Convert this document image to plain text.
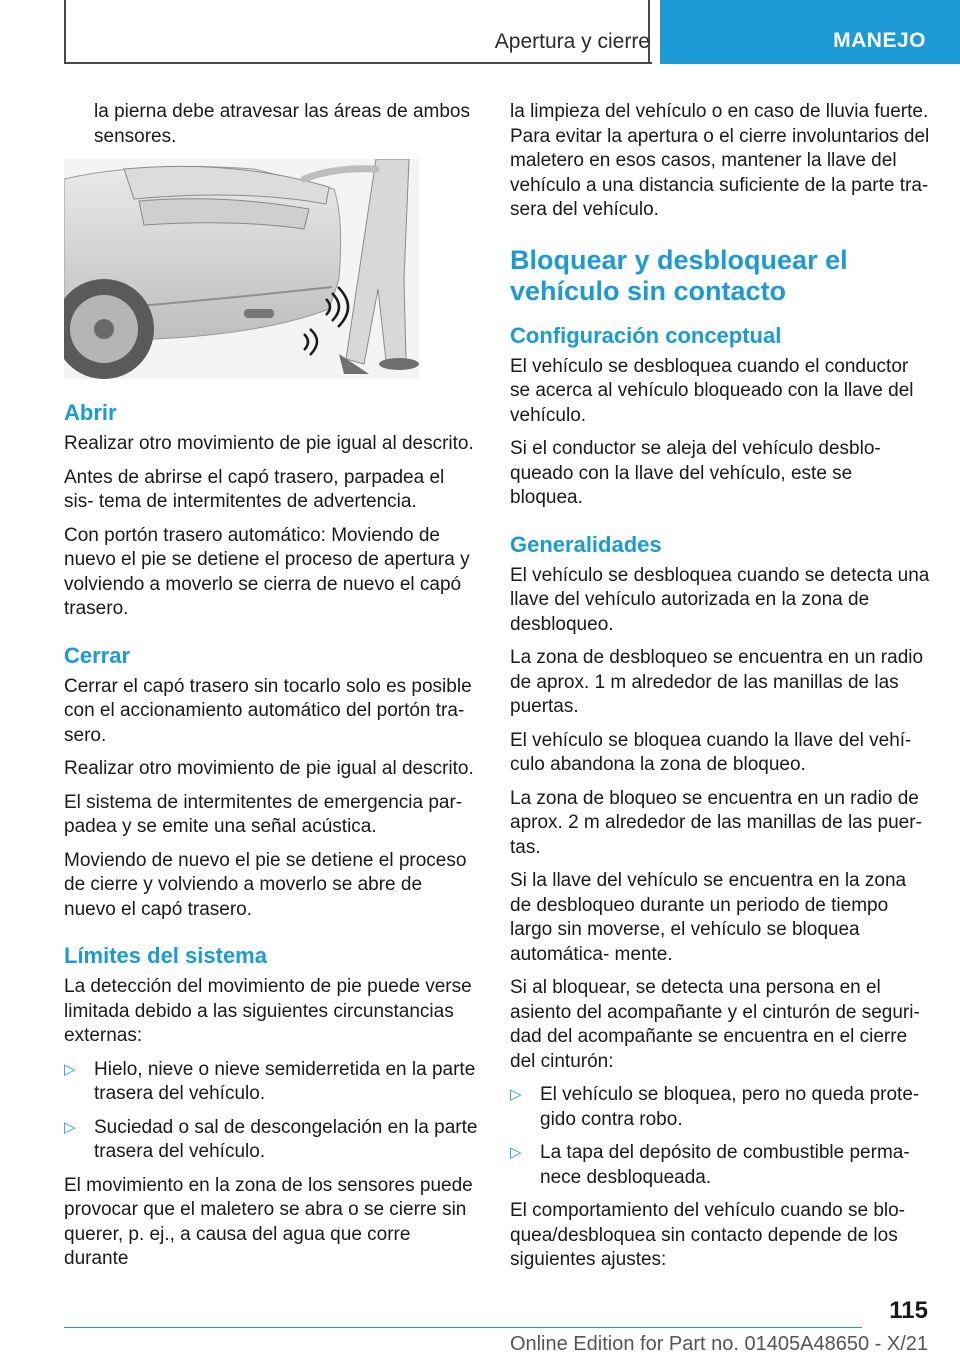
Apertura y cierre	MANEJO

la pierna debe atravesar las áreas de ambos sensores.

Abrir

Realizar otro movimiento de pie igual al descrito.

Antes de abrirse el capó trasero, parpadea el sis- tema de intermitentes de advertencia.

Con portón trasero automático: Moviendo de nuevo el pie se detiene el proceso de apertura y volviendo a moverlo se cierra de nuevo el capó trasero.

Cerrar

Cerrar el capó trasero sin tocarlo solo es posible con el accionamiento automático del portón tra- sero.

Realizar otro movimiento de pie igual al descrito.

El sistema de intermitentes de emergencia par- padea y se emite una señal acústica.

Moviendo de nuevo el pie se detiene el proceso de cierre y volviendo a moverlo se abre de nuevo el capó trasero.

Límites del sistema

La detección del movimiento de pie puede verse limitada debido a las siguientes circunstancias externas:

▷ Hielo, nieve o nieve semiderretida en la parte trasera del vehículo.
▷ Suciedad o sal de descongelación en la parte trasera del vehículo.

El movimiento en la zona de los sensores puede provocar que el maletero se abra o se cierre sin querer, p. ej., a causa del agua que corre durante

la limpieza del vehículo o en caso de lluvia fuerte. Para evitar la apertura o el cierre involuntarios del maletero en esos casos, mantener la llave del vehículo a una distancia suficiente de la parte tra- sera del vehículo.

Bloquear y desbloquear el vehículo sin contacto
Configuración conceptual

El vehículo se desbloquea cuando el conductor se acerca al vehículo bloqueado con la llave del vehículo.

Si el conductor se aleja del vehículo desblo- queado con la llave del vehículo, este se bloquea.

Generalidades

El vehículo se desbloquea cuando se detecta una llave del vehículo autorizada en la zona de desbloqueo.

La zona de desbloqueo se encuentra en un radio de aprox. 1 m alrededor de las manillas de las puertas.

El vehículo se bloquea cuando la llave del vehí- culo abandona la zona de bloqueo.

La zona de bloqueo se encuentra en un radio de aprox. 2 m alrededor de las manillas de las puer- tas.

Si la llave del vehículo se encuentra en la zona de desbloqueo durante un periodo de tiempo largo sin moverse, el vehículo se bloquea automática- mente.

Si al bloquear, se detecta una persona en el asiento del acompañante y el cinturón de seguri- dad del acompañante se encuentra en el cierre del cinturón:

▷ El vehículo se bloquea, pero no queda prote- gido contra robo.
▷ La tapa del depósito de combustible perma- nece desbloqueada.

El comportamiento del vehículo cuando se blo- quea/desbloquea sin contacto depende de los siguientes ajustes:

115
Online Edition for Part no. 01405A48650 - X/21
